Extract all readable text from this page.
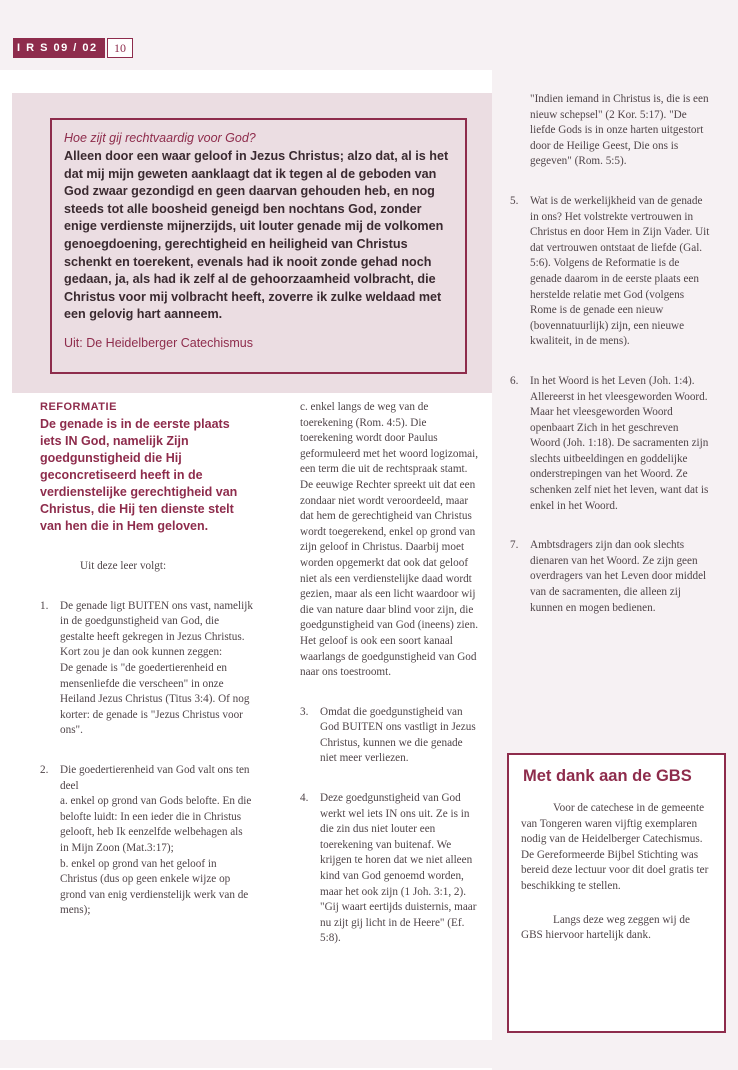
I R S 09 / 02	10
Hoe zijt gij rechtvaardig voor God?
Alleen door een waar geloof in Jezus Christus; alzo dat, al is het dat mij mijn geweten aanklaagt dat ik tegen al de geboden van God zwaar gezondigd en geen daarvan gehouden heb, en nog steeds tot alle boosheid geneigd ben nochtans God, zonder enige verdienste mijnerzijds, uit louter genade mij de volkomen genoegdoening, gerechtigheid en heiligheid van Christus schenkt en toerekent, evenals had ik nooit zonde gehad noch gedaan, ja, als had ik zelf al de gehoorzaamheid volbracht, die Christus voor mij volbracht heeft, zoverre ik zulke weldaad met een gelovig hart aanneem.
Uit: De Heidelberger Catechismus
REFORMATIE
De genade is in de eerste plaats iets IN God, namelijk Zijn goedgunstigheid die Hij geconcretiseerd heeft in de verdienstelijke gerechtigheid van Christus, die Hij ten dienste stelt van hen die in Hem geloven.

Uit deze leer volgt:

1. De genade ligt BUITEN ons vast, namelijk in de goedgunstigheid van God, die gestalte heeft gekregen in Jezus Christus. Kort zou je dan ook kunnen zeggen:

De genade is "de goedertierenheid en mensenliefde die verscheen" in onze Heiland Jezus Christus (Titus 3:4). Of nog korter: de genade is "Jezus Christus voor ons".

2. Die goedertierenheid van God valt ons ten deel

a. enkel op grond van Gods belofte. En die belofte luidt: In een ieder die in Christus gelooft, heb Ik eenzelfde welbehagen als in Mijn Zoon (Mat.3:17);

b. enkel op grond van het geloof in Christus (dus op geen enkele wijze op grond van enig verdienstelijk werk van de mens);

c. enkel langs de weg van de toerekening (Rom. 4:5). Die toerekening wordt door Paulus geformuleerd met het woord logizomai, een term die uit de rechtspraak stamt. De eeuwige Rechter spreekt uit dat een zondaar niet wordt veroordeeld, maar dat hem de gerechtigheid van Christus wordt toegerekend, enkel op grond van zijn geloof in Christus. Daarbij moet worden opgemerkt dat ook dat geloof niet als een verdienstelijke daad wordt gezien, maar als een licht waardoor wij die van nature daar blind voor zijn, die goedgunstigheid van God (ineens) zien. Het geloof is ook een soort kanaal waarlangs de goedgunstigheid van God naar ons toestroomt.

3. Omdat die goedgunstigheid van God BUITEN ons vastligt in Jezus Christus, kunnen we die genade niet meer verliezen.

4. Deze goedgunstigheid van God werkt wel iets IN ons uit. Ze is in die zin dus niet louter een toerekening van buitenaf. We krijgen te horen dat we niet alleen kind van God genoemd worden, maar het ook zijn (1 Joh. 3:1, 2). "Gij waart eertijds duisternis, maar nu zijt gij licht in de Heere" (Ef. 5:8).

"Indien iemand in Christus is, die is een nieuw schepsel" (2 Kor. 5:17). "De liefde Gods is in onze harten uitgestort door de Heilige Geest, Die ons is gegeven" (Rom. 5:5).

5. Wat is de werkelijkheid van de genade in ons? Het volstrekte vertrouwen in Christus en door Hem in Zijn Vader. Uit dat vertrouwen ontstaat de liefde (Gal. 5:6). Volgens de Reformatie is de genade daarom in de eerste plaats een herstelde relatie met God (volgens Rome is de genade een nieuw (bovennatuurlijk) zijn, een nieuwe kwaliteit, in de mens).

6. In het Woord is het Leven (Joh. 1:4). Allereerst in het vleesgeworden Woord. Maar het vleesgeworden Woord openbaart Zich in het geschreven Woord (Joh. 1:18). De sacramenten zijn slechts uitbeeldingen en goddelijke onderstrepingen van het Woord. Ze schenken zelf niet het leven, want dat is enkel in het Woord.

7. Ambtsdragers zijn dan ook slechts dienaren van het Woord. Ze zijn geen overdragers van het Leven door middel van de sacramenten, die alleen zij kunnen en mogen bedienen.

Met dank aan de GBS

Voor de catechese in de gemeente van Tongeren waren vijftig exemplaren nodig van de Heidelberger Catechismus. De Gereformeerde Bijbel Stichting was bereid deze lectuur voor dit doel gratis ter beschikking te stellen.

Langs deze weg zeggen wij de GBS hiervoor hartelijk dank.
